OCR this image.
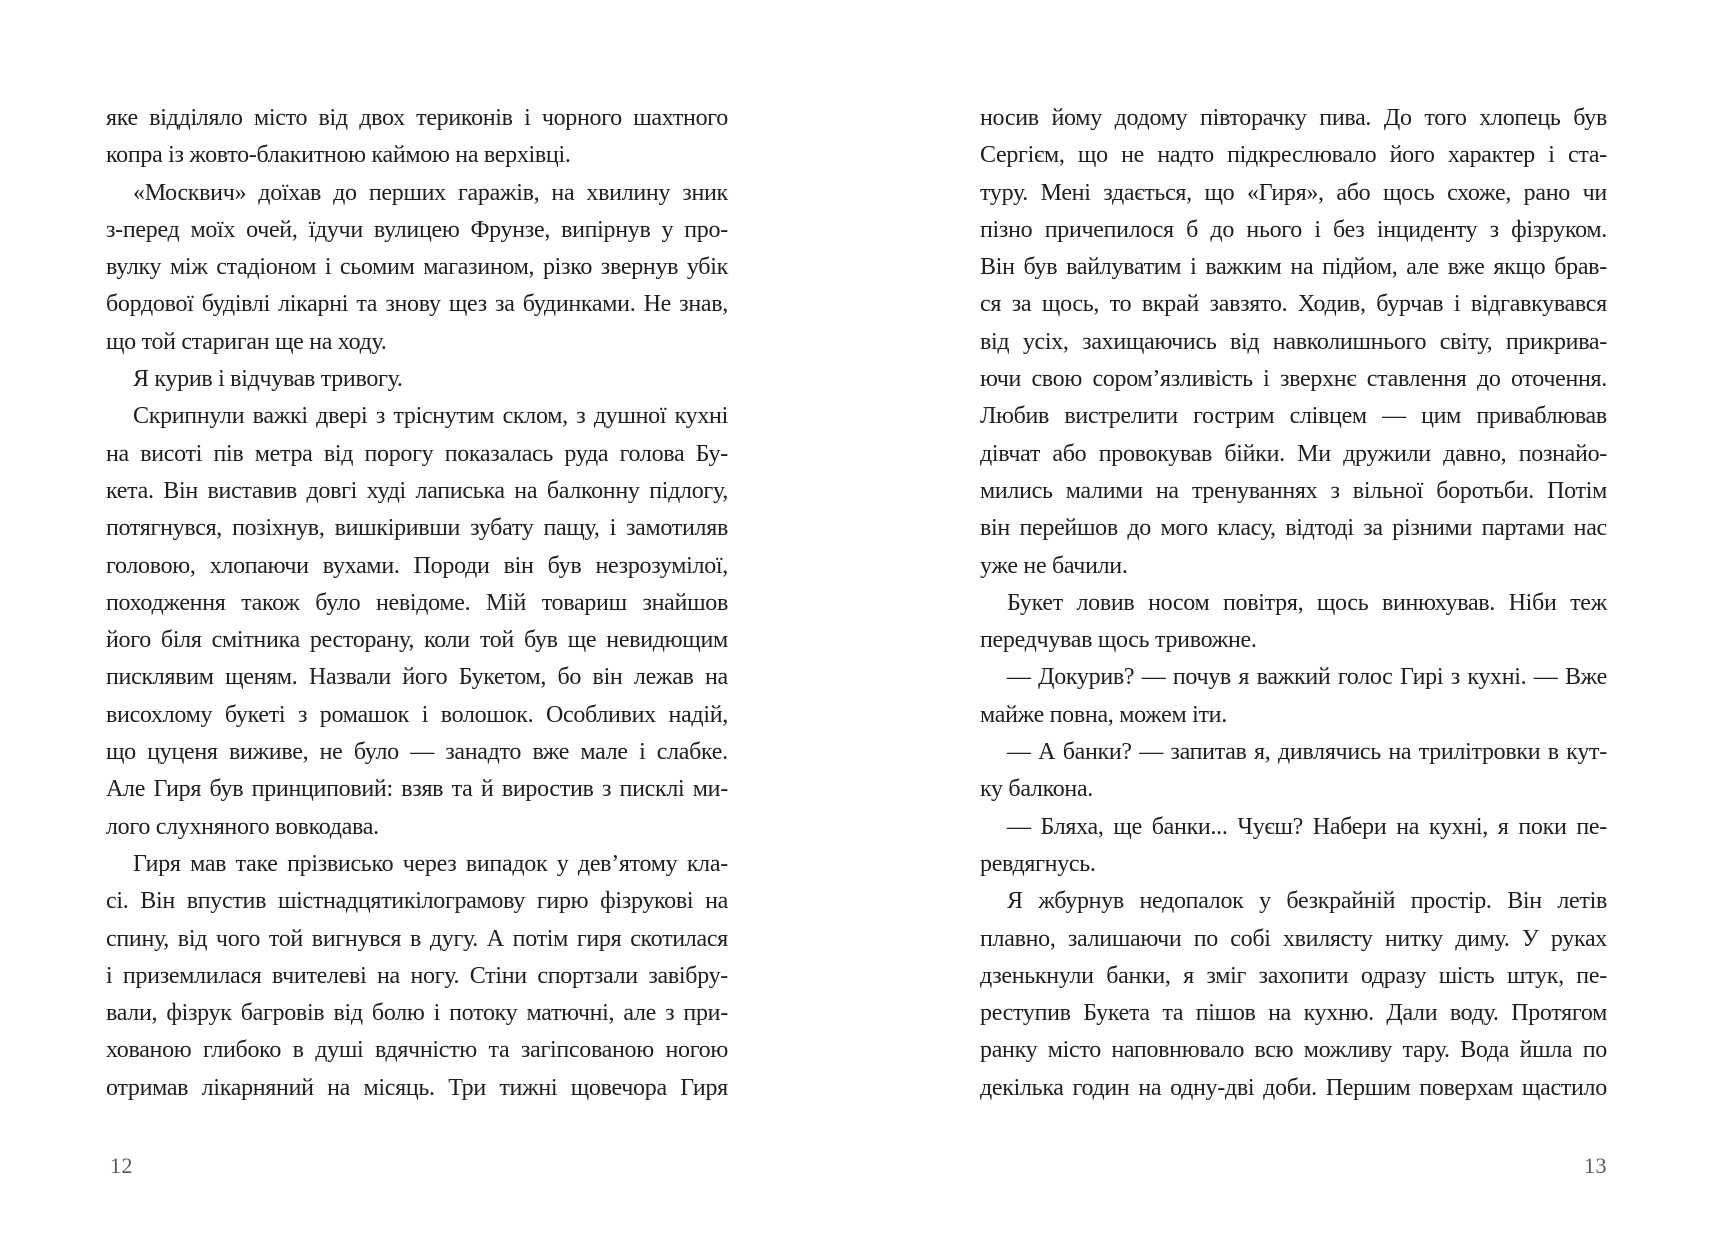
яке відділяло місто від двох териконів і чорного шахтного
копра із жовто-блакитною каймою на верхівці.
«Москвич» доїхав до перших гаражів, на хвилину зник
з-перед моїх очей, їдучи вулицею Фрунзе, випірнув у про-
вулку між стадіоном і сьомим магазином, різко звернув убік
бордової будівлі лікарні та знову щез за будинками. Не знав,
що той стариган ще на ходу.
Я курив і відчував тривогу.
Скрипнули важкі двері з тріснутим склом, з душної кухні
на висоті пів метра від порогу показалась руда голова Бу-
кета. Він виставив довгі худі лаписька на балконну підлогу,
потягнувся, позіхнув, вишкіривши зубату пащу, і замотиляв
головою, хлопаючи вухами. Породи він був незрозумілої,
походження також було невідоме. Мій товариш знайшов
його біля смітника ресторану, коли той був ще невидющим
писклявим щеням. Назвали його Букетом, бо він лежав на
висохлому букеті з ромашок і волошок. Особливих надій,
що цуценя виживе, не було — занадто вже мале і слабке.
Але Гиря був принциповий: взяв та й виростив з писклі ми-
лого слухняного вовкодава.
Гиря мав таке прізвисько через випадок у дев’ятому кла-
сі. Він впустив шістнадцятикілограмову гирю фізрукові на
спину, від чого той вигнувся в дугу. А потім гиря скотилася
і приземлилася вчителеві на ногу. Стіни спортзали завібру-
вали, фізрук багровів від болю і потоку матючні, але з при-
хованою глибоко в душі вдячністю та загіпсованою ногою
отримав лікарняний на місяць. Три тижні щовечора Гиря
носив йому додому півторачку пива. До того хлопець був
Сергієм, що не надто підкреслювало його характер і ста-
туру. Мені здається, що «Гиря», або щось схоже, рано чи
пізно причепилося б до нього і без інциденту з фізруком.
Він був вайлуватим і важким на підйом, але вже якщо брав-
ся за щось, то вкрай завзято. Ходив, бурчав і відгавкувався
від усіх, захищаючись від навколишнього світу, прикрива-
ючи свою сором’язливість і зверхнє ставлення до оточення.
Любив вистрелити гострим слівцем — цим приваблював
дівчат або провокував бійки. Ми дружили давно, познайо-
мились малими на тренуваннях з вільної боротьби. Потім
він перейшов до мого класу, відтоді за різними партами нас
уже не бачили.
Букет ловив носом повітря, щось винюхував. Ніби теж
передчував щось тривожне.
— Докурив? — почув я важкий голос Гирі з кухні. — Вже
майже повна, можем іти.
— А банки? — запитав я, дивлячись на трилітровки в кут-
ку балкона.
— Бляха, ще банки... Чуєш? Набери на кухні, я поки пе-
ревдягнусь.
Я жбурнув недопалок у безкрайній простір. Він летів
плавно, залишаючи по собі хвилясту нитку диму. У руках
дзенькнули банки, я зміг захопити одразу шість штук, пе-
реступив Букета та пішов на кухню. Дали воду. Протягом
ранку місто наповнювало всю можливу тару. Вода йшла по
декілька годин на одну-дві доби. Першим поверхам щастило
12	13
